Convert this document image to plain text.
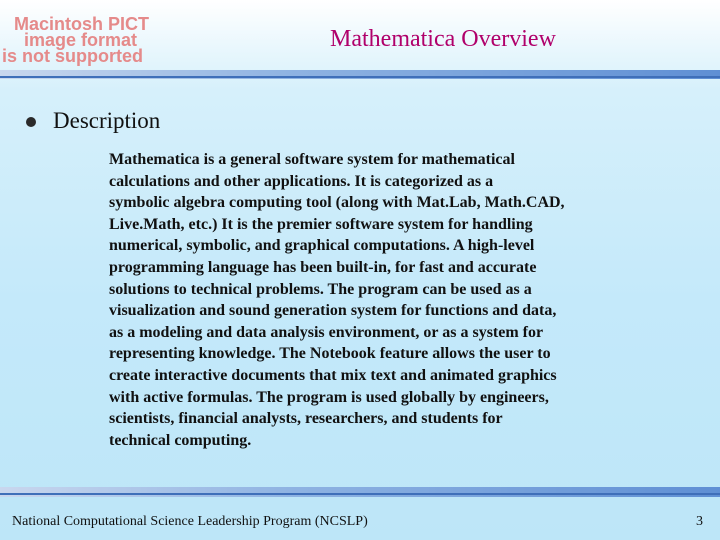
Macintosh PICT
image format
is not supported
Mathematica Overview
Description
Mathematica is a general software system for mathematical
calculations and other applications. It is categorized as a
symbolic algebra computing tool (along with Mat.Lab, Math.CAD,
Live.Math, etc.) It is the premier software system for handling
numerical, symbolic, and graphical computations. A high-level
programming language has been built-in, for fast and accurate
solutions to technical problems. The program can be used as a
visualization and sound generation system for functions and data,
as a modeling and data analysis environment, or as a system for
representing knowledge. The Notebook feature allows the user to
create interactive documents that mix text and animated graphics
with active formulas. The program is used globally by engineers,
scientists, financial analysts, researchers, and students for
technical computing.
National Computational Science Leadership Program (NCSLP)	3
